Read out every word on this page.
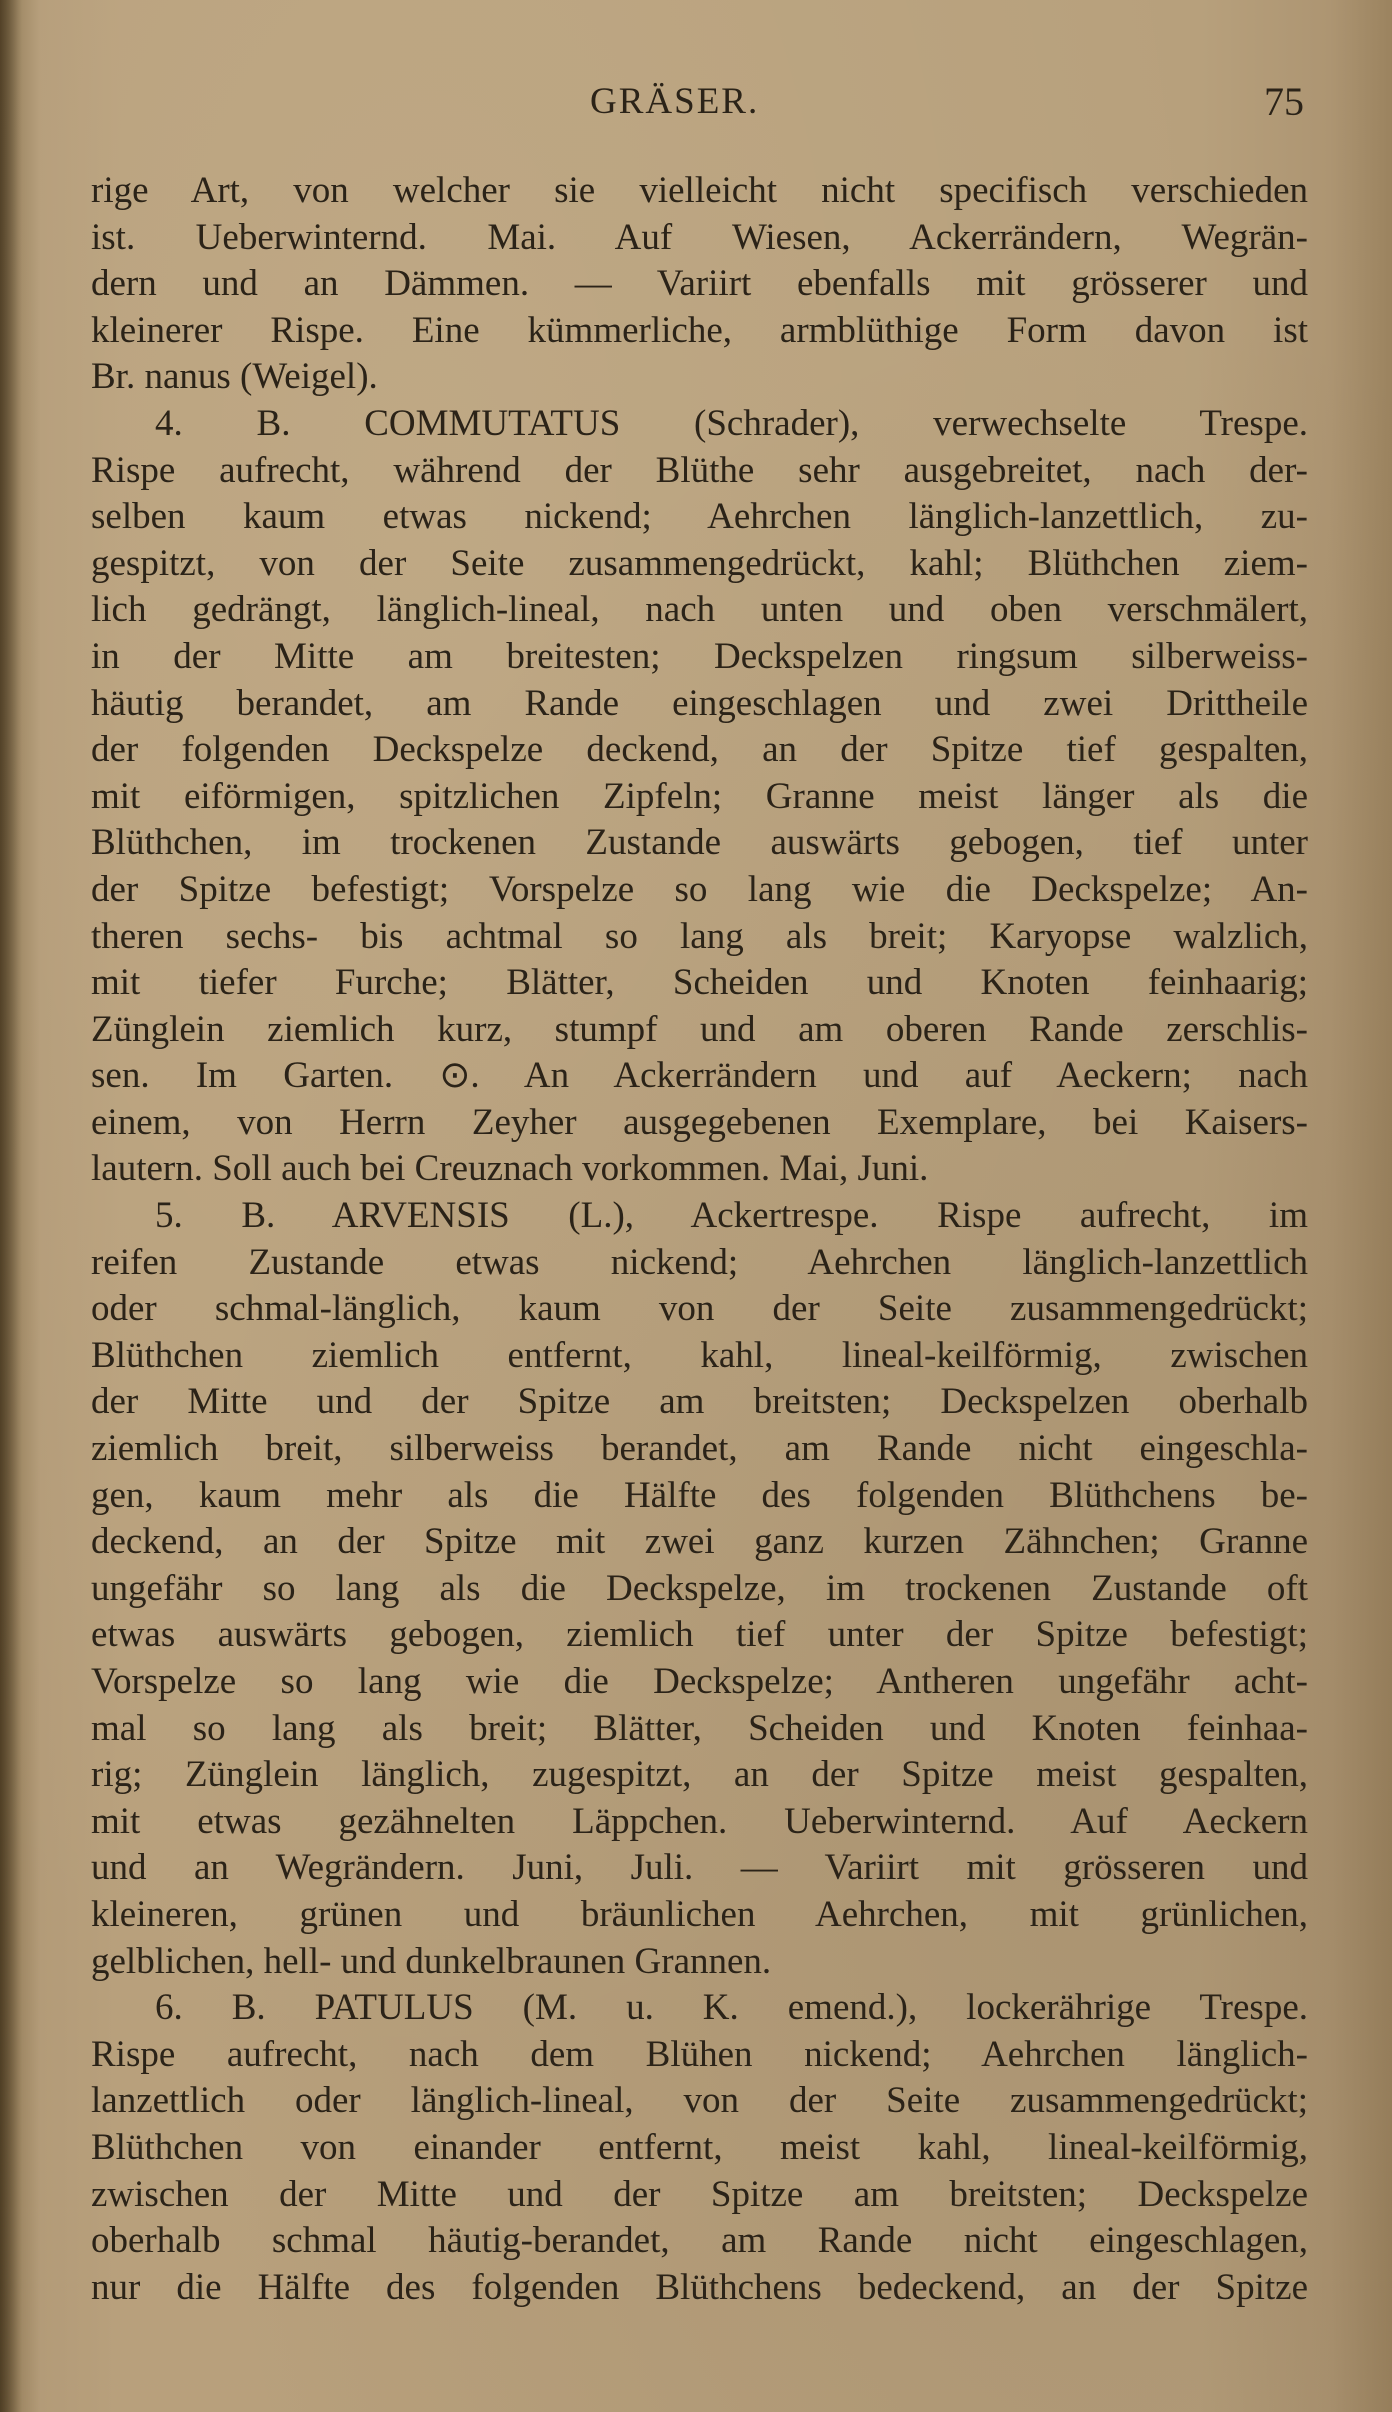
GRÄSER.	75
rige Art, von welcher sie vielleicht nicht specifisch verschieden
ist. Ueberwinternd. Mai. Auf Wiesen, Ackerrändern, Wegrän-
dern und an Dämmen. — Variirt ebenfalls mit grösserer und
kleinerer Rispe. Eine kümmerliche, armblüthige Form davon ist
Br. nanus (Weigel).
4. B. COMMUTATUS (Schrader), verwechselte Trespe.
Rispe aufrecht, während der Blüthe sehr ausgebreitet, nach der-
selben kaum etwas nickend; Aehrchen länglich-lanzettlich, zu-
gespitzt, von der Seite zusammengedrückt, kahl; Blüthchen ziem-
lich gedrängt, länglich-lineal, nach unten und oben verschmälert,
in der Mitte am breitesten; Deckspelzen ringsum silberweiss-
häutig berandet, am Rande eingeschlagen und zwei Drittheile
der folgenden Deckspelze deckend, an der Spitze tief gespalten,
mit eiförmigen, spitzlichen Zipfeln; Granne meist länger als die
Blüthchen, im trockenen Zustande auswärts gebogen, tief unter
der Spitze befestigt; Vorspelze so lang wie die Deckspelze; An-
theren sechs- bis achtmal so lang als breit; Karyopse walzlich,
mit tiefer Furche; Blätter, Scheiden und Knoten feinhaarig;
Zünglein ziemlich kurz, stumpf und am oberen Rande zerschlis-
sen. Im Garten. ⊙. An Ackerrändern und auf Aeckern; nach
einem, von Herrn Zeyher ausgegebenen Exemplare, bei Kaisers-
lautern. Soll auch bei Creuznach vorkommen. Mai, Juni.
5. B. ARVENSIS (L.), Ackertrespe. Rispe aufrecht, im
reifen Zustande etwas nickend; Aehrchen länglich-lanzettlich
oder schmal-länglich, kaum von der Seite zusammengedrückt;
Blüthchen ziemlich entfernt, kahl, lineal-keilförmig, zwischen
der Mitte und der Spitze am breitsten; Deckspelzen oberhalb
ziemlich breit, silberweiss berandet, am Rande nicht eingeschla-
gen, kaum mehr als die Hälfte des folgenden Blüthchens be-
deckend, an der Spitze mit zwei ganz kurzen Zähnchen; Granne
ungefähr so lang als die Deckspelze, im trockenen Zustande oft
etwas auswärts gebogen, ziemlich tief unter der Spitze befestigt;
Vorspelze so lang wie die Deckspelze; Antheren ungefähr acht-
mal so lang als breit; Blätter, Scheiden und Knoten feinhaa-
rig; Zünglein länglich, zugespitzt, an der Spitze meist gespalten,
mit etwas gezähnelten Läppchen. Ueberwinternd. Auf Aeckern
und an Wegrändern. Juni, Juli. — Variirt mit grösseren und
kleineren, grünen und bräunlichen Aehrchen, mit grünlichen,
gelblichen, hell- und dunkelbraunen Grannen.
6. B. PATULUS (M. u. K. emend.), lockerährige Trespe.
Rispe aufrecht, nach dem Blühen nickend; Aehrchen länglich-
lanzettlich oder länglich-lineal, von der Seite zusammengedrückt;
Blüthchen von einander entfernt, meist kahl, lineal-keilförmig,
zwischen der Mitte und der Spitze am breitsten; Deckspelze
oberhalb schmal häutig-berandet, am Rande nicht eingeschlagen,
nur die Hälfte des folgenden Blüthchens bedeckend, an der Spitze
